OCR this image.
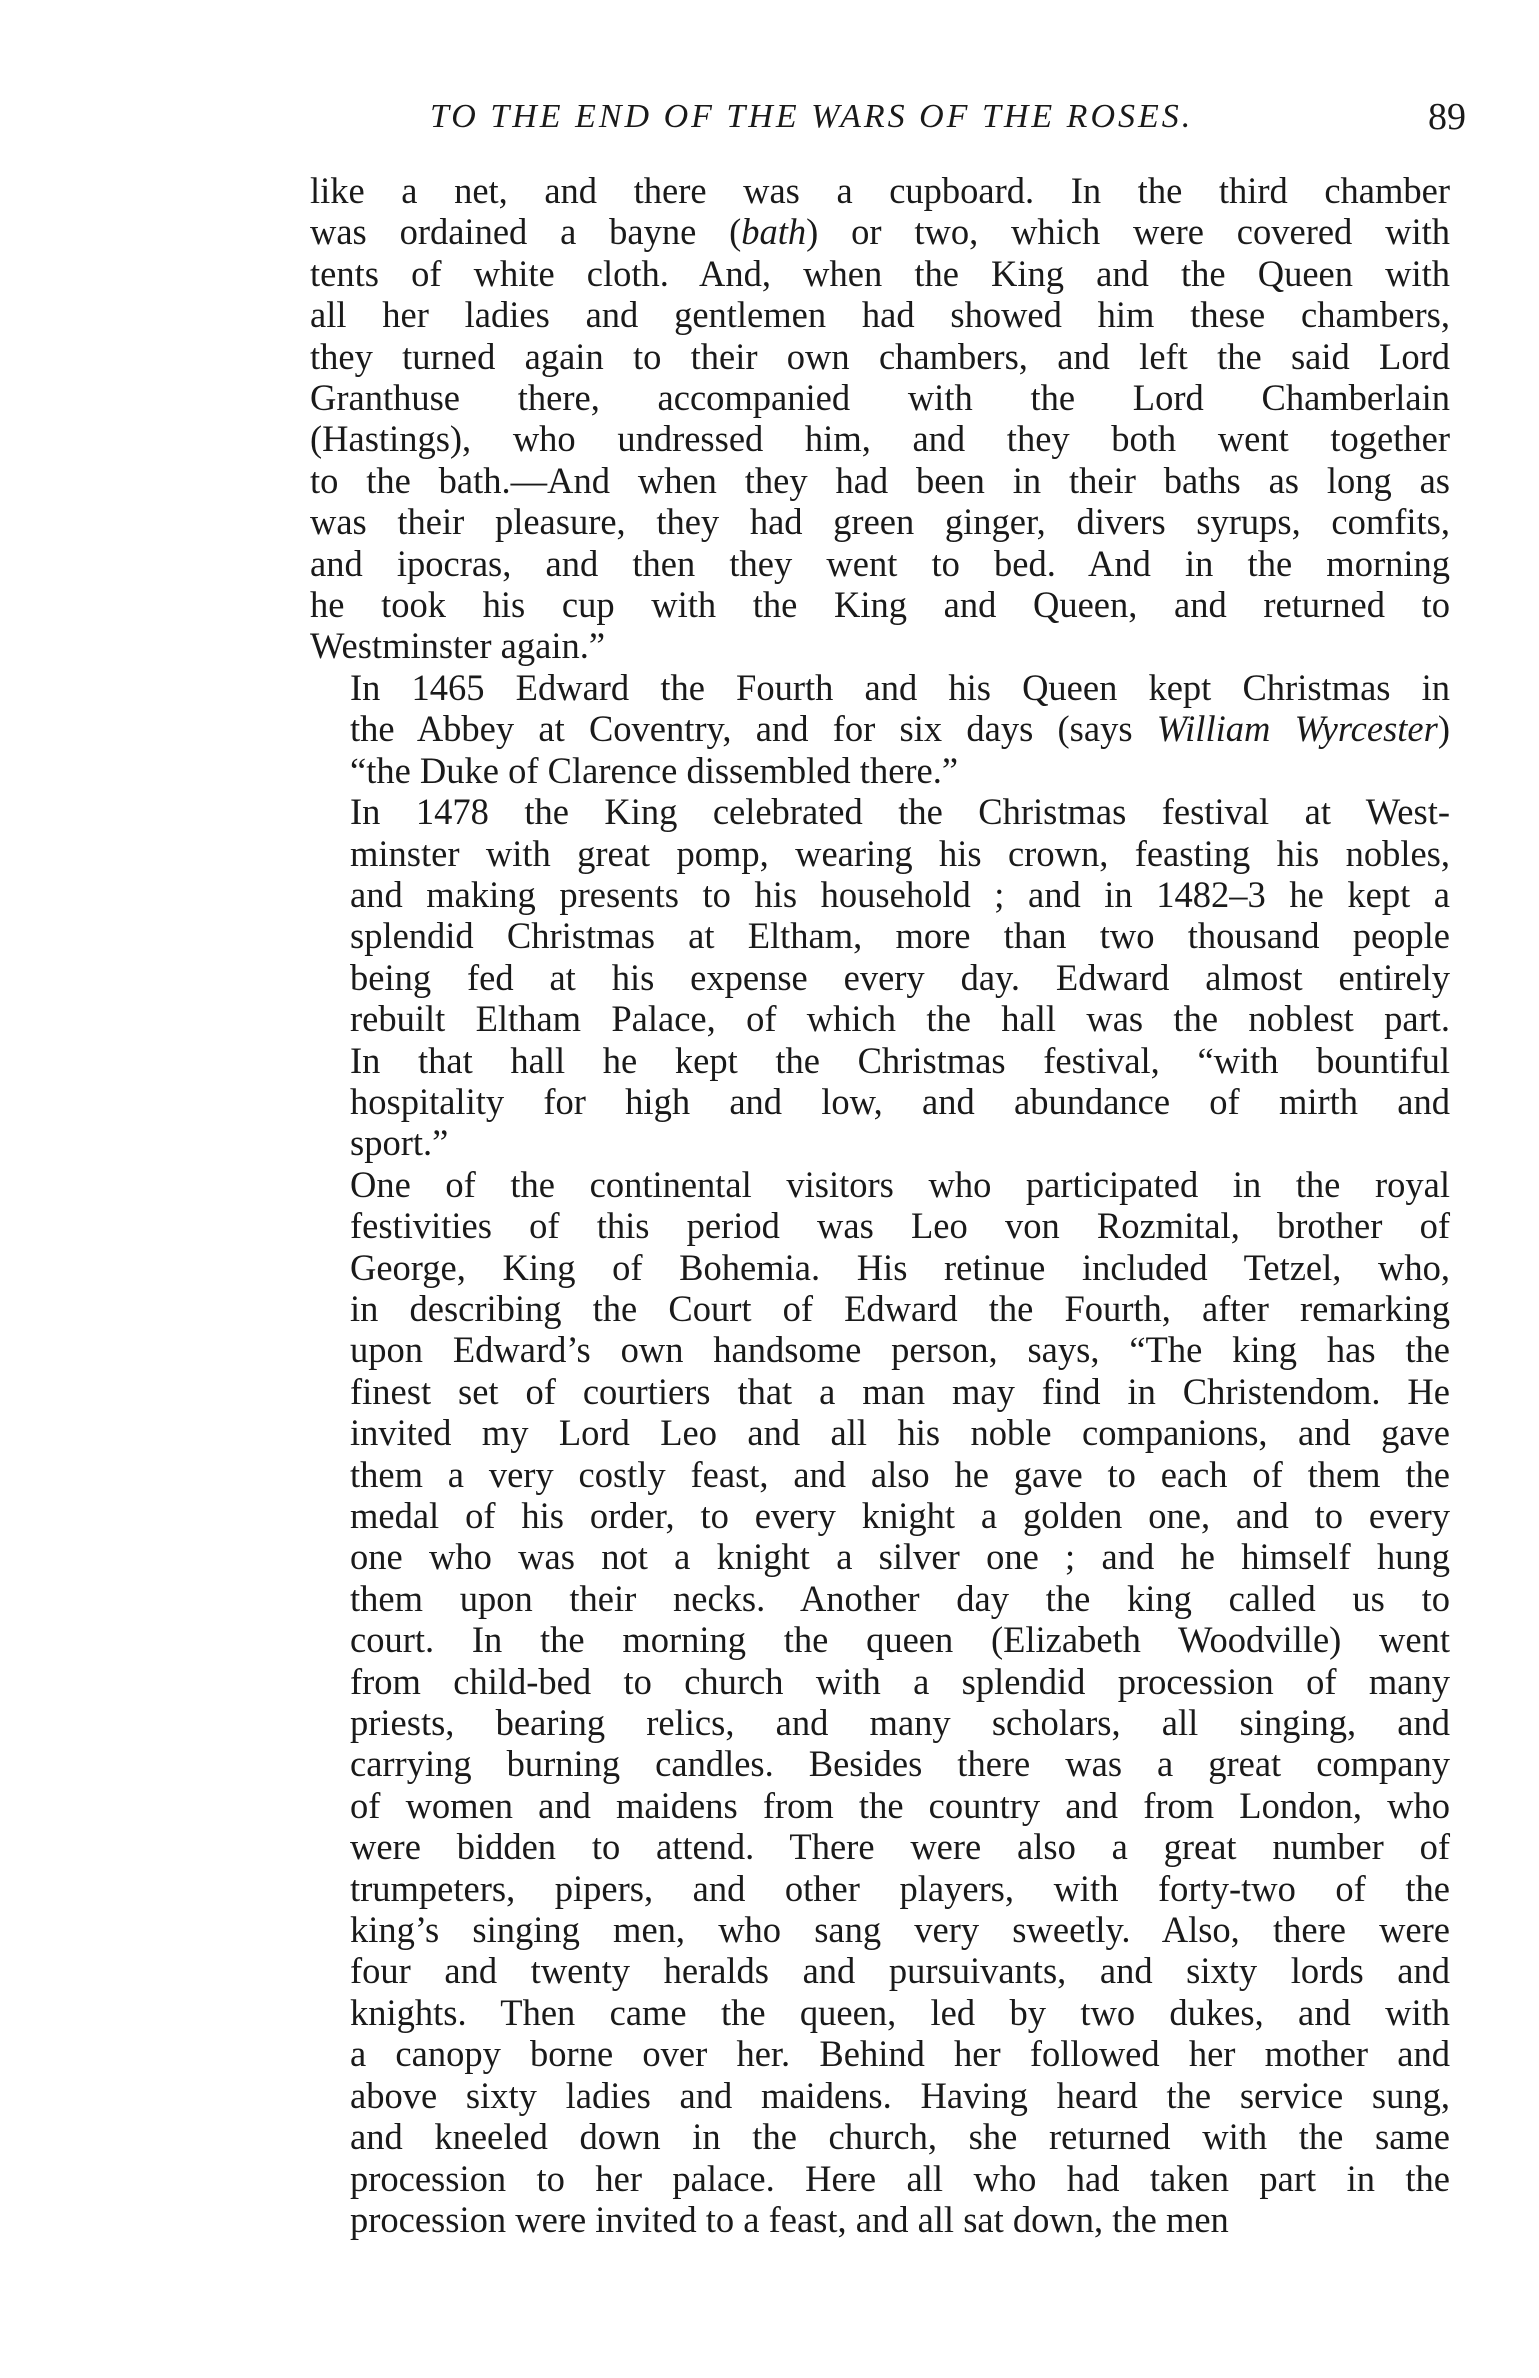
TO THE END OF THE WARS OF THE ROSES.	89

like a net, and there was a cupboard. In the third chamber
was ordained a bayne (bath) or two, which were covered with
tents of white cloth. And, when the King and the Queen with
all her ladies and gentlemen had showed him these chambers,
they turned again to their own chambers, and left the said Lord
Granthuse there, accompanied with the Lord Chamberlain
(Hastings), who undressed him, and they both went together
to the bath.—And when they had been in their baths as long as
was their pleasure, they had green ginger, divers syrups, comfits,
and ipocras, and then they went to bed. And in the morning
he took his cup with the King and Queen, and returned to
Westminster again.”

In 1465 Edward the Fourth and his Queen kept Christmas in
the Abbey at Coventry, and for six days (says William Wyrcester)
“the Duke of Clarence dissembled there.”

In 1478 the King celebrated the Christmas festival at West-
minster with great pomp, wearing his crown, feasting his nobles,
and making presents to his household ; and in 1482–3 he kept a
splendid Christmas at Eltham, more than two thousand people
being fed at his expense every day. Edward almost entirely
rebuilt Eltham Palace, of which the hall was the noblest part.
In that hall he kept the Christmas festival, “with bountiful
hospitality for high and low, and abundance of mirth and
sport.”

One of the continental visitors who participated in the royal
festivities of this period was Leo von Rozmital, brother of
George, King of Bohemia. His retinue included Tetzel, who,
in describing the Court of Edward the Fourth, after remarking
upon Edward’s own handsome person, says, “The king has the
finest set of courtiers that a man may find in Christendom. He
invited my Lord Leo and all his noble companions, and gave
them a very costly feast, and also he gave to each of them the
medal of his order, to every knight a golden one, and to every
one who was not a knight a silver one ; and he himself hung
them upon their necks. Another day the king called us to
court. In the morning the queen (Elizabeth Woodville) went
from child-bed to church with a splendid procession of many
priests, bearing relics, and many scholars, all singing, and
carrying burning candles. Besides there was a great company
of women and maidens from the country and from London, who
were bidden to attend. There were also a great number of
trumpeters, pipers, and other players, with forty-two of the
king’s singing men, who sang very sweetly. Also, there were
four and twenty heralds and pursuivants, and sixty lords and
knights. Then came the queen, led by two dukes, and with
a canopy borne over her. Behind her followed her mother and
above sixty ladies and maidens. Having heard the service sung,
and kneeled down in the church, she returned with the same
procession to her palace. Here all who had taken part in the
procession were invited to a feast, and all sat down, the men
